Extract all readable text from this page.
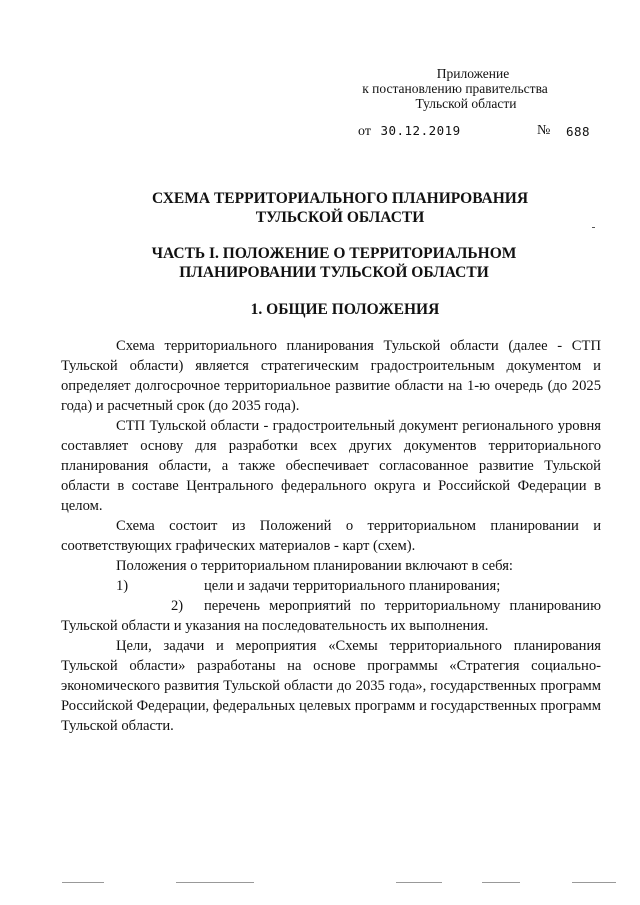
Приложение
к постановлению правительства
Тульской области
от 30.12.2019	№ 688
СХЕМА ТЕРРИТОРИАЛЬНОГО ПЛАНИРОВАНИЯ
ТУЛЬСКОЙ ОБЛАСТИ
ЧАСТЬ I. ПОЛОЖЕНИЕ О ТЕРРИТОРИАЛЬНОМ
ПЛАНИРОВАНИИ ТУЛЬСКОЙ ОБЛАСТИ
1. ОБЩИЕ ПОЛОЖЕНИЯ

Схема территориального планирования Тульской области (далее - СТП Тульской области) является стратегическим градостроительным документом и определяет долгосрочное территориальное развитие области на 1-ю очередь (до 2025 года) и расчетный срок (до 2035 года).

СТП Тульской области - градостроительный документ регионального уровня составляет основу для разработки всех других документов территориального планирования области, а также обеспечивает согласованное развитие Тульской области в составе Центрального федерального округа и Российской Федерации в целом.

Схема состоит из Положений о территориальном планировании и соответствующих графических материалов - карт (схем).

Положения о территориальном планировании включают в себя:

1)	цели и задачи территориального планирования;

2) перечень мероприятий по территориальному планированию Тульской области и указания на последовательность их выполнения.

Цели, задачи и мероприятия «Схемы территориального планирования Тульской области» разработаны на основе программы «Стратегия социально-экономического развития Тульской области до 2035 года», государственных программ Российской Федерации, федеральных целевых программ и государственных программ Тульской области.
